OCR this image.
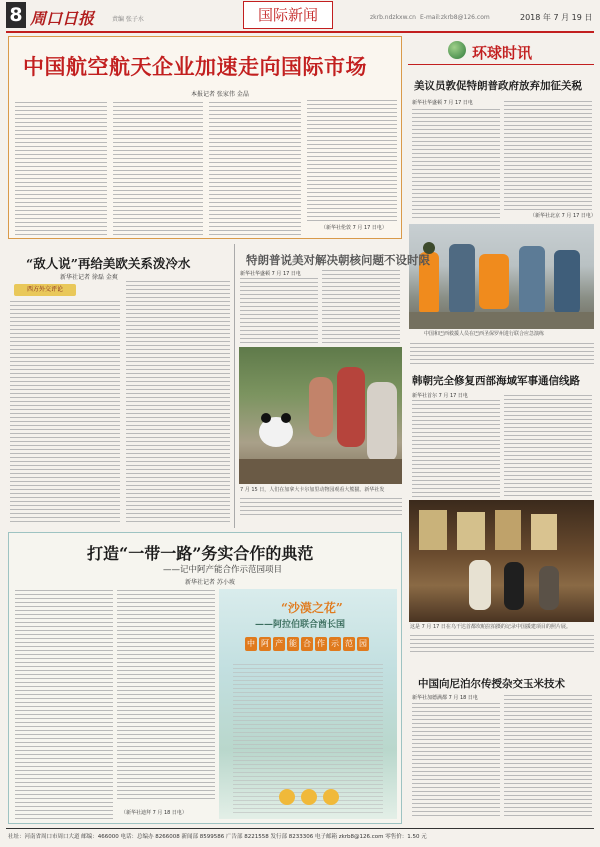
8 周口日报	责编 张子水	国际新闻	zkrb.ndzkxw.cn E-mail:zkrb8@126.com	2018 年 7 月 19 日
中国航空航天企业加速走向国际市场
本报记者 张家伟 金晶
（新华社伦敦 7 月 17 日电）
环球时讯
美议员敦促特朗普政府放弃加征关税
新华社华盛顿 7 月 17 日电
（新华社北京 7 月 17 日电）
中国和巴西救援人员在巴西圣保罗州进行联合应急演练
韩朝完全修复西部海域军事通信线路
新华社首尔 7 月 17 日电
这是 7 月 17 日在乌干达首都坎帕拉拍摄的记录中国援建项目的照片展。
中国向尼泊尔传授杂交玉米技术
新华社加德满都 7 月 18 日电
“敌人说”再给美欧关系泼冷水
新华社记者 徐磊 金爽
西方外交评论
特朗普说美对解决朝核问题不设时限
新华社华盛顿 7 月 17 日电
7 月 15 日，人们在加拿大卡尔加里动物园观看大熊猫。新华社发
打造“一带一路”务实合作的典范
——记中阿产能合作示范园项目
新华社记者 苏小坡
（新华社迪拜 7 月 18 日电）
“沙漠之花”
——阿拉伯联合酋长国
中 阿 产 能 合 作 示 范 园
社址：河南省周口市周口大道 邮编：466000 电话：总编办 8266008 新闻部 8599586 广告部 8221558 发行部 8233306 电子邮箱 zkrb8@126.com 零售价：1.50 元
